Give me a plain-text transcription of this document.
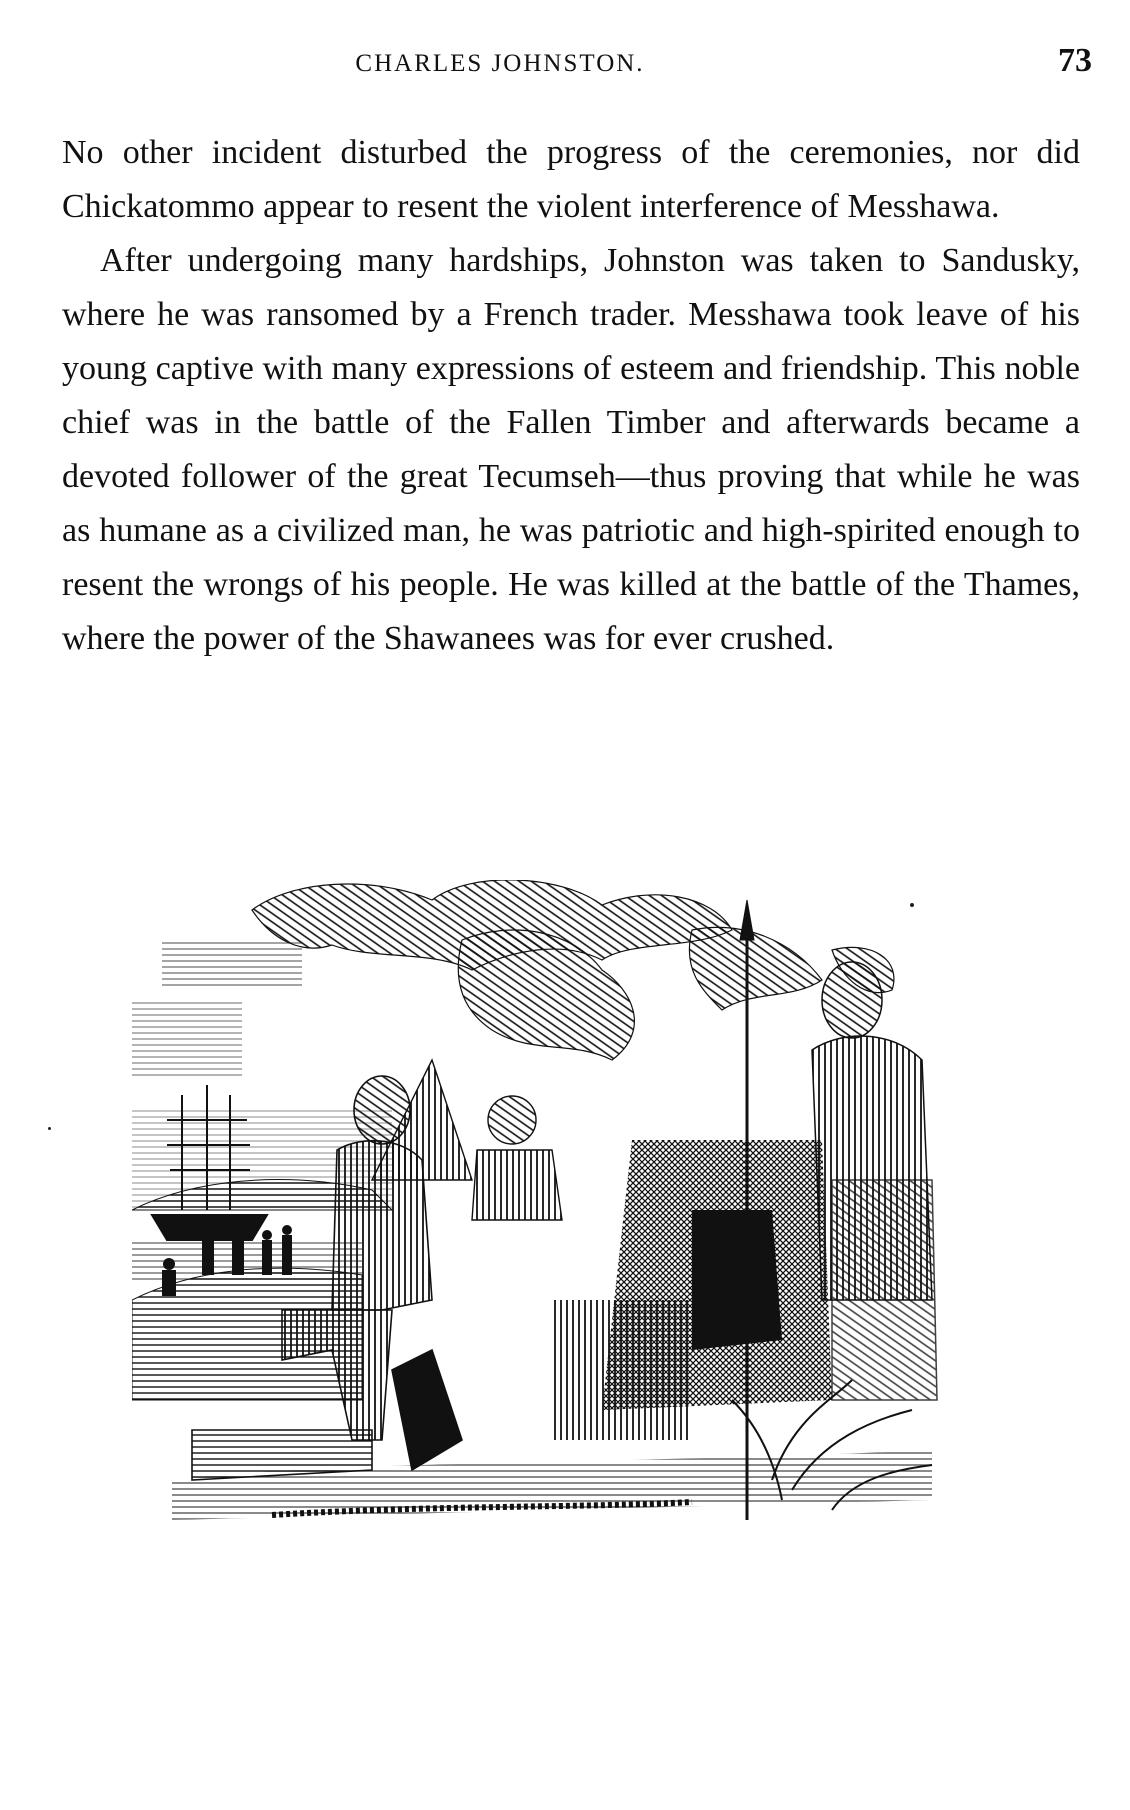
CHARLES JOHNSTON.	73

No other incident disturbed the progress of the ceremonies, nor did Chickatommo appear to resent the violent interference of Messhawa.

After undergoing many hardships, Johnston was taken to Sandusky, where he was ransomed by a French trader. Messhawa took leave of his young captive with many expressions of esteem and friendship. This noble chief was in the battle of the Fallen Timber and afterwards became a devoted follower of the great Tecumseh—thus proving that while he was as humane as a civilized man, he was patriotic and high-spirited enough to resent the wrongs of his people. He was killed at the battle of the Thames, where the power of the Shawanees was for ever crushed.
